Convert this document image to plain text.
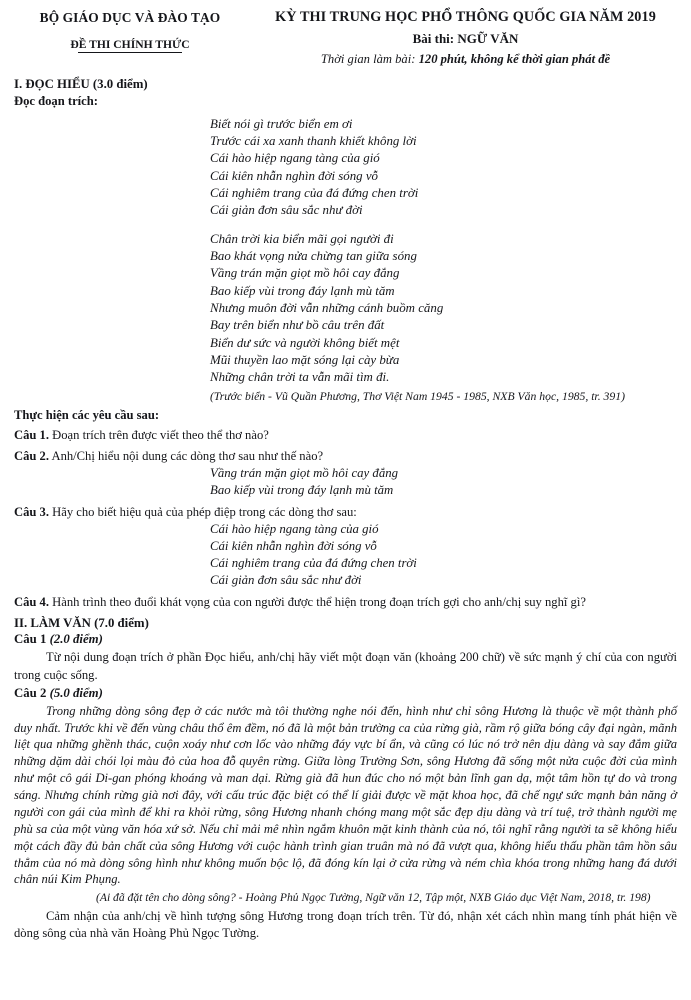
BỘ GIÁO DỤC VÀ ĐÀO TẠO
ĐỀ THI CHÍNH THỨC
KỲ THI TRUNG HỌC PHỔ THÔNG QUỐC GIA NĂM 2019
Bài thi: NGỮ VĂN
Thời gian làm bài: 120 phút, không kể thời gian phát đề
I. ĐỌC HIỂU (3.0 điểm)
Đọc đoạn trích:

Biết nói gì trước biển em ơi

Trước cái xa xanh thanh khiết không lời

Cái hào hiệp ngang tàng của gió

Cái kiên nhẫn nghìn đời sóng vỗ

Cái nghiêm trang của đá đứng chen trời

Cái giản đơn sâu sắc như đời

Chân trời kia biển mãi gọi người đi

Bao khát vọng nửa chừng tan giữa sóng

Vầng trán mặn giọt mồ hôi cay đắng

Bao kiếp vùi trong đáy lạnh mù tăm

Nhưng muôn đời vẫn những cánh buồm căng

Bay trên biển như bồ câu trên đất

Biển dư sức và người không biết mệt

Mũi thuyền lao mặt sóng lại cày bừa

Những chân trời ta vẫn mãi tìm đi.

(Trước biển - Vũ Quần Phương, Thơ Việt Nam 1945 - 1985, NXB Văn học, 1985, tr. 391)
Thực hiện các yêu cầu sau:
Câu 1. Đoạn trích trên được viết theo thể thơ nào?
Câu 2. Anh/Chị hiểu nội dung các dòng thơ sau như thế nào?

Vầng trán mặn giọt mồ hôi cay đắng

Bao kiếp vùi trong đáy lạnh mù tăm

Câu 3. Hãy cho biết hiệu quả của phép điệp trong các dòng thơ sau:

Cái hào hiệp ngang tàng của gió

Cái kiên nhẫn nghìn đời sóng vỗ

Cái nghiêm trang của đá đứng chen trời

Cái giản đơn sâu sắc như đời

Câu 4. Hành trình theo đuổi khát vọng của con người được thể hiện trong đoạn trích gợi cho anh/chị suy nghĩ gì?
II. LÀM VĂN (7.0 điểm)
Câu 1 (2.0 điểm)
Từ nội dung đoạn trích ở phần Đọc hiểu, anh/chị hãy viết một đoạn văn (khoảng 200 chữ) về sức mạnh ý chí của con người trong cuộc sống.
Câu 2 (5.0 điểm)
Trong những dòng sông đẹp ở các nước mà tôi thường nghe nói đến, hình như chỉ sông Hương là thuộc về một thành phố duy nhất. Trước khi về đến vùng châu thổ êm đềm, nó đã là một bản trường ca của rừng già, rầm rộ giữa bóng cây đại ngàn, mãnh liệt qua những ghềnh thác, cuộn xoáy như cơn lốc vào những đáy vực bí ẩn, và cũng có lúc nó trở nên dịu dàng và say đắm giữa những dặm dài chói lọi màu đỏ của hoa đỗ quyên rừng. Giữa lòng Trường Sơn, sông Hương đã sống một nửa cuộc đời của mình như một cô gái Di-gan phóng khoáng và man dại. Rừng già đã hun đúc cho nó một bản lĩnh gan dạ, một tâm hồn tự do và trong sáng. Nhưng chính rừng già nơi đây, với cấu trúc đặc biệt có thể lí giải được về mặt khoa học, đã chế ngự sức mạnh bản năng ở người con gái của mình để khi ra khỏi rừng, sông Hương nhanh chóng mang một sắc đẹp dịu dàng và trí tuệ, trở thành người mẹ phù sa của một vùng văn hóa xứ sở. Nếu chỉ mải mê nhìn ngắm khuôn mặt kinh thành của nó, tôi nghĩ rằng người ta sẽ không hiểu một cách đầy đủ bản chất của sông Hương với cuộc hành trình gian truân mà nó đã vượt qua, không hiểu thấu phần tâm hồn sâu thẳm của nó mà dòng sông hình như không muốn bộc lộ, đã đóng kín lại ở cửa rừng và ném chìa khóa trong những hang đá dưới chân núi Kim Phụng.
(Ai đã đặt tên cho dòng sông? - Hoàng Phủ Ngọc Tường, Ngữ văn 12, Tập một, NXB Giáo dục Việt Nam, 2018, tr. 198)
Cảm nhận của anh/chị về hình tượng sông Hương trong đoạn trích trên. Từ đó, nhận xét cách nhìn mang tính phát hiện về dòng sông của nhà văn Hoàng Phủ Ngọc Tường.
